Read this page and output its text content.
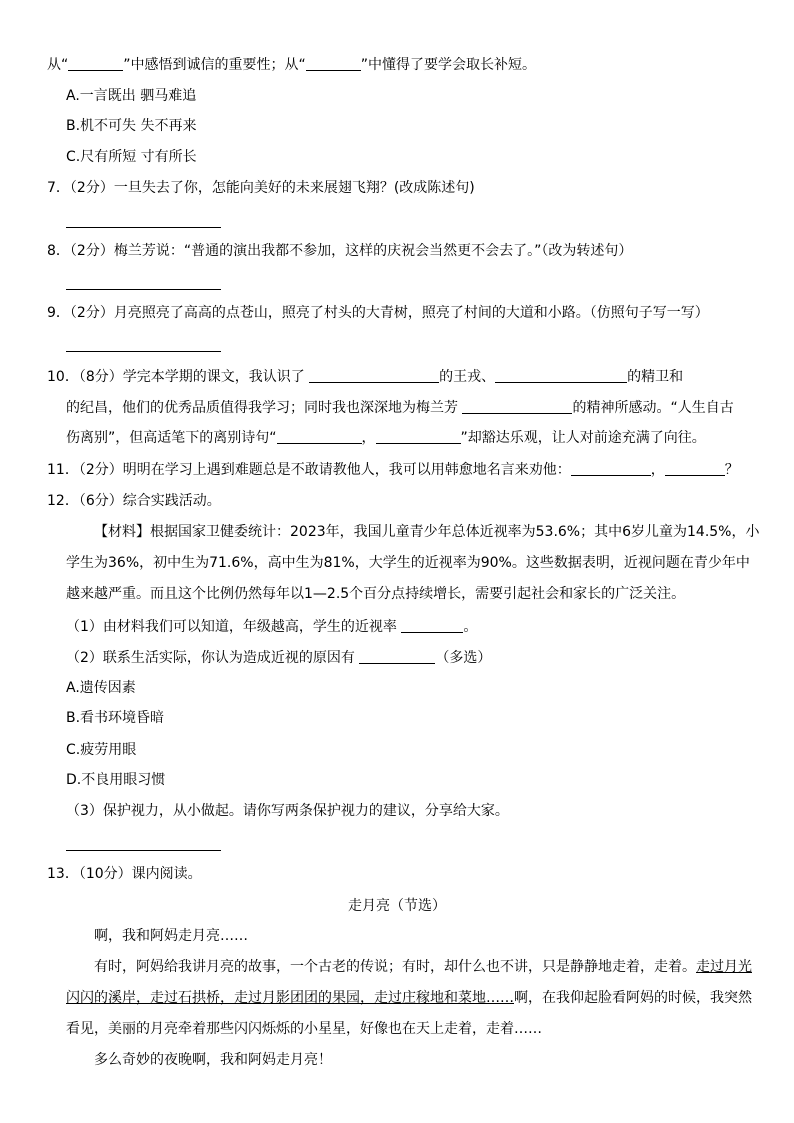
从“	”中感悟到诚信的重要性；从“	”中懂得了要学会取长补短。
A.一言既出 驷马难追
B.机不可失 失不再来
C.尺有所短 寸有所长
7．（2分）一旦失去了你，怎能向美好的未来展翅飞翔？(改成陈述句)
8．（2分）梅兰芳说：“普通的演出我都不参加，这样的庆祝会当然更不会去了。”（改为转述句）
9．（2分）月亮照亮了高高的点苍山，照亮了村头的大青树，照亮了村间的大道和小路。（仿照句子写一写）
10．（8分）学完本学期的课文，我认识了	的王戎、	的精卫和
的纪昌，他们的优秀品质值得我学习；同时我也深深地为梅兰芳	的精神所感动。“人生自古
伤离别”，但高适笔下的离别诗句“	，	”却豁达乐观，让人对前途充满了向往。
11．（2分）明明在学习上遇到难题总是不敢请教他人，我可以用韩愈地名言来劝他：	，	？
12．（6分）综合实践活动。
【材料】根据国家卫健委统计：2023年，我国儿童青少年总体近视率为53.6%；其中6岁儿童为14.5%，小
学生为36%，初中生为71.6%，高中生为81%，大学生的近视率为90%。这些数据表明，近视问题在青少年中
越来越严重。而且这个比例仍然每年以1—2.5个百分点持续增长，需要引起社会和家长的广泛关注。
（1）由材料我们可以知道，年级越高，学生的近视率	。
（2）联系生活实际，你认为造成近视的原因有	（多选）
A.遗传因素
B.看书环境昏暗
C.疲劳用眼
D.不良用眼习惯
（3）保护视力，从小做起。请你写两条保护视力的建议，分享给大家。
13．（10分）课内阅读。
走月亮（节选）
啊，我和阿妈走月亮……
有时，阿妈给我讲月亮的故事，一个古老的传说；有时，却什么也不讲，只是静静地走着，走着。走过月光
闪闪的溪岸，走过石拱桥，走过月影团团的果园，走过庄稼地和菜地……啊，在我仰起脸看阿妈的时候，我突然
看见，美丽的月亮牵着那些闪闪烁烁的小星星，好像也在天上走着，走着……
多么奇妙的夜晚啊，我和阿妈走月亮！
